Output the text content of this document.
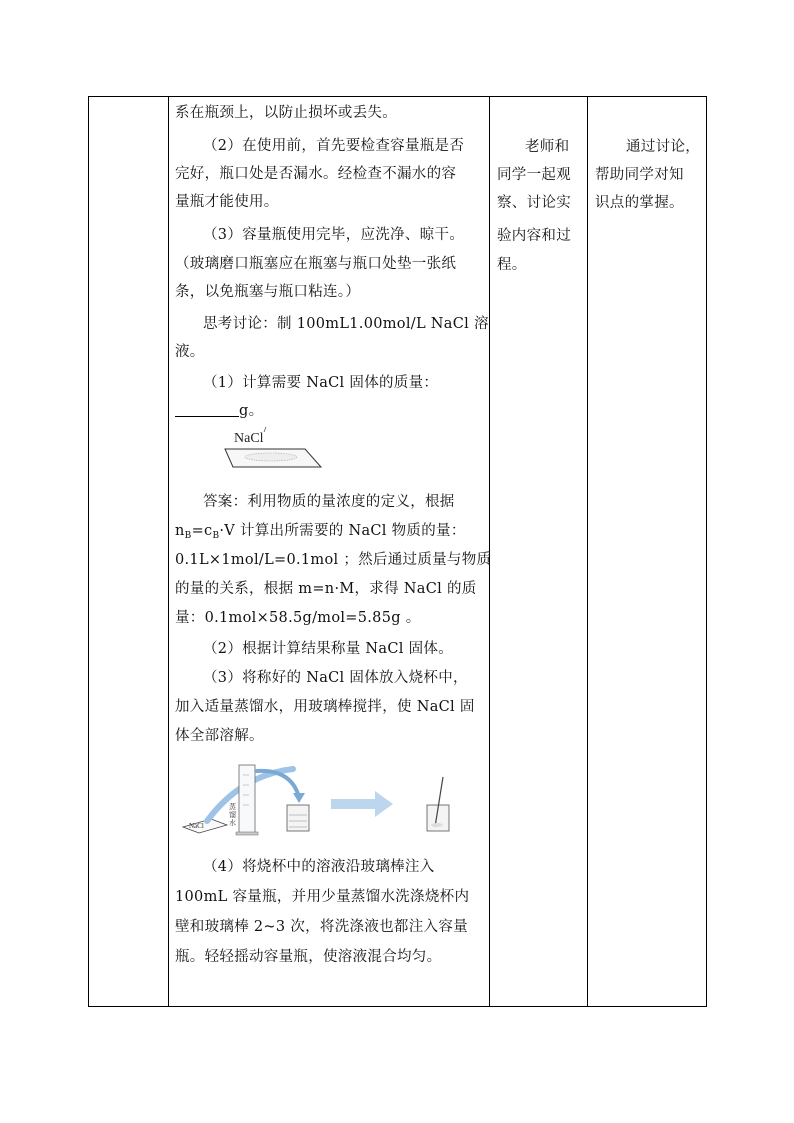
系在瓶颈上，以防止损坏或丢失。
（2）在使用前，首先要检查容量瓶是否
完好，瓶口处是否漏水。经检查不漏水的容
量瓶才能使用。
（3）容量瓶使用完毕，应洗净、晾干。
（玻璃磨口瓶塞应在瓶塞与瓶口处垫一张纸
条，以免瓶塞与瓶口粘连。）
思考讨论：制 100mL1.00mol/L NaCl 溶
液。
（1）计算需要 NaCl 固体的质量：
g。
NaCl
答案：利用物质的量浓度的定义，根据
$n_B=c_B\cdot V$ 计算出所需要的 NaCl 物质的量：
0.1L×1mol/L=0.1mol ；然后通过质量与物质
的量的关系，根据 m=n·M，求得 NaCl 的质
量：0.1mol×58.5g/mol=5.85g 。
（2）根据计算结果称量 NaCl 固体。
（3）将称好的 NaCl 固体放入烧杯中，
加入适量蒸馏水，用玻璃棒搅拌，使 NaCl 固
体全部溶解。
NaCl
蒸
馏
水
（4）将烧杯中的溶液沿玻璃棒注入
100mL 容量瓶，并用少量蒸馏水洗涤烧杯内
壁和玻璃棒 2~3 次，将洗涤液也都注入容量
瓶。轻轻摇动容量瓶，使溶液混合均匀。
老师和
同学一起观
察、讨论实
验内容和过
程。
通过讨论，
帮助同学对知
识点的掌握。
